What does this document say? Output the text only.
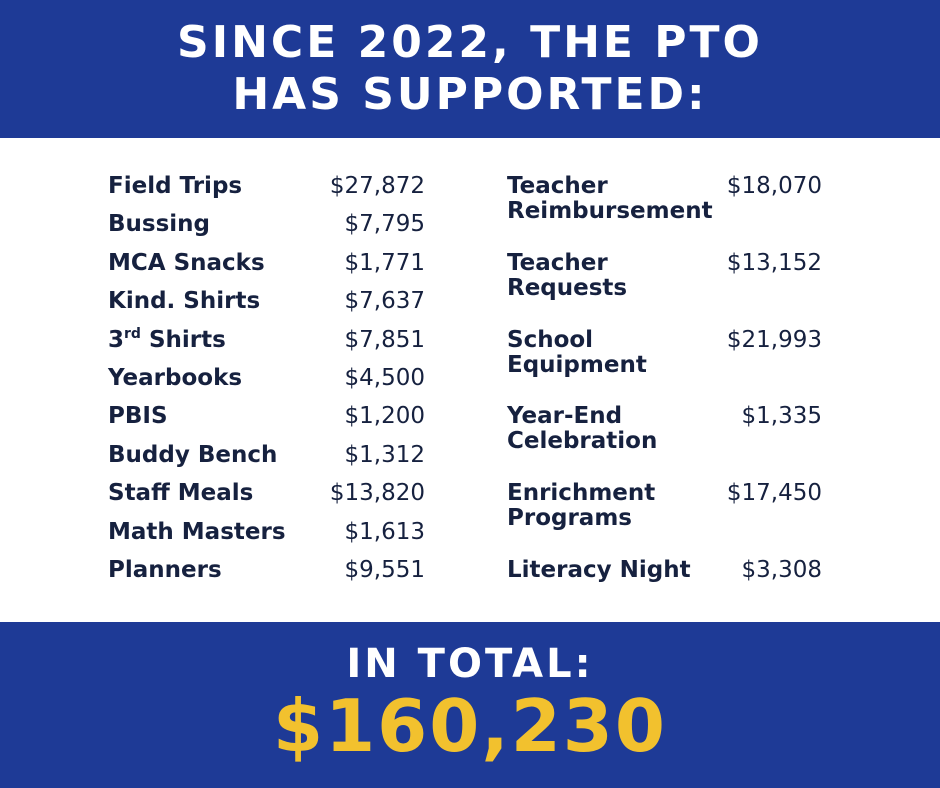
SINCE 2022, THE PTO
HAS SUPPORTED:
Field Trips	$27,872
Bussing	$7,795
MCA Snacks	$1,771
Kind. Shirts	$7,637
3rd Shirts	$7,851
Yearbooks	$4,500
PBIS	$1,200
Buddy Bench	$1,312
Staff Meals	$13,820
Math Masters	$1,613
Planners	$9,551
Teacher Reimbursement
$18,070
Teacher Requests
$13,152
School Equipment
$21,993
Year-End Celebration
$1,335
Enrichment Programs
$17,450
Literacy Night	$3,308
IN TOTAL:
$160,230
